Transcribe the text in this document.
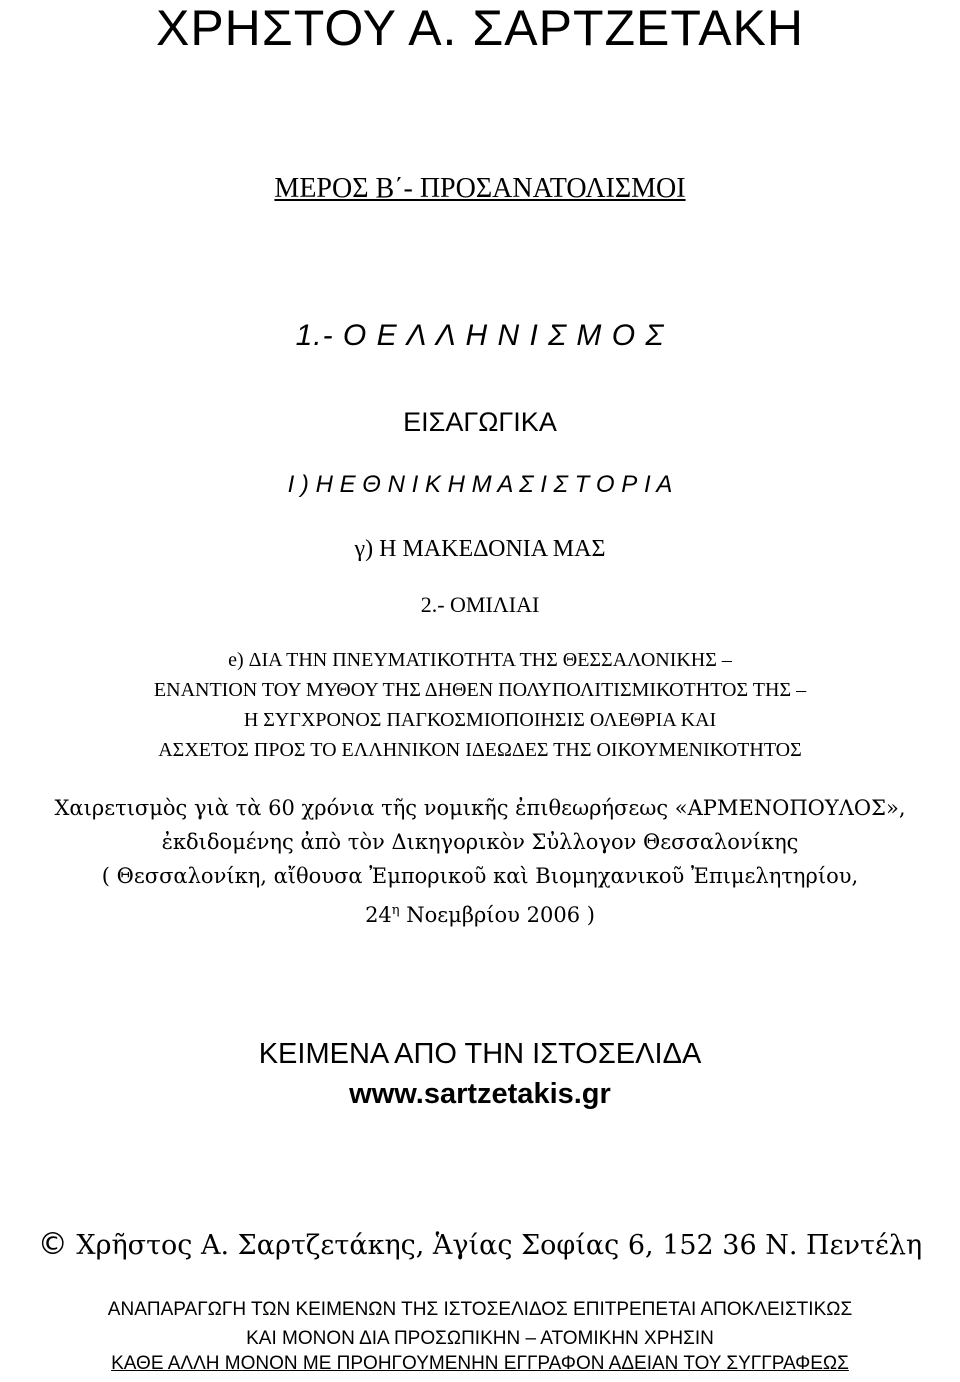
ΧΡΗΣΤΟΥ Α. ΣΑΡΤΖΕΤΑΚΗ
ΜΕΡΟΣ Β΄- ΠΡΟΣΑΝΑΤΟΛΙΣΜΟΙ
1.- Ο Ε Λ Λ Η Ν Ι Σ Μ Ο Σ
ΕΙΣΑΓΩΓΙΚΑ
Ι ) Η Ε Θ Ν Ι Κ Η Μ Α Σ Ι Σ Τ Ο Ρ Ι Α
γ) Η ΜΑΚΕΔΟΝΙΑ ΜΑΣ
2.- ΟΜΙΛΙΑΙ
e) ΔΙΑ ΤΗΝ ΠΝΕΥΜΑΤΙΚΟΤΗΤΑ ΤΗΣ ΘΕΣΣΑΛΟΝΙΚΗΣ –
ΕΝΑΝΤΙΟΝ ΤΟΥ ΜΥΘΟΥ ΤΗΣ ΔΗΘΕΝ ΠΟΛΥΠΟΛΙΤΙΣΜΙΚΟΤΗΤΟΣ ΤΗΣ –
Η ΣΥΓΧΡΟΝΟΣ ΠΑΓΚΟΣΜΙΟΠΟΙΗΣΙΣ ΟΛΕΘΡΙΑ ΚΑΙ
ΑΣΧΕΤΟΣ ΠΡΟΣ ΤΟ ΕΛΛΗΝΙΚΟΝ ΙΔΕΩΔΕΣ ΤΗΣ ΟΙΚΟΥΜΕΝΙΚΟΤΗΤΟΣ
Χαιρετισμὸς γιὰ τὰ 60 χρόνια τῆς νομικῆς ἐπιθεωρήσεως «ΑΡΜΕΝΟΠΟΥΛΟΣ»,
ἐκδιδομένης ἀπὸ τὸν Δικηγορικὸν Σὐλλογον Θεσσαλονίκης
( Θεσσαλονίκη, αἴθουσα Ἐμπορικοῦ καὶ Βιομηχανικοῦ Ἐπιμελητηρίου,
$24^\eta$ Νοεμβρίου 2006 )
ΚΕΙΜΕΝΑ ΑΠΟ ΤΗΝ ΙΣΤΟΣΕΛΙΔΑ
www.sartzetakis.gr
© Χρῆστος Α. Σαρτζετάκης, Ἁγίας Σοφίας 6, 152 36 Ν. Πεντέλη
ΑΝΑΠΑΡΑΓΩΓΗ ΤΩΝ ΚΕΙΜΕΝΩΝ ΤΗΣ ΙΣΤΟΣΕΛΙΔΟΣ ΕΠΙΤΡΕΠΕΤΑΙ ΑΠΟΚΛΕΙΣΤΙΚΩΣ
ΚΑΙ ΜΟΝΟΝ ΔΙΑ ΠΡΟΣΩΠΙΚΗΝ – ΑΤΟΜΙΚΗΝ ΧΡΗΣΙΝ
ΚΑΘΕ ΑΛΛΗ ΜΟΝΟΝ ΜΕ ΠΡΟΗΓΟΥΜΕΝΗΝ ΕΓΓΡΑΦΟΝ ΑΔΕΙΑΝ ΤΟΥ ΣΥΓΓΡΑΦΕΩΣ
